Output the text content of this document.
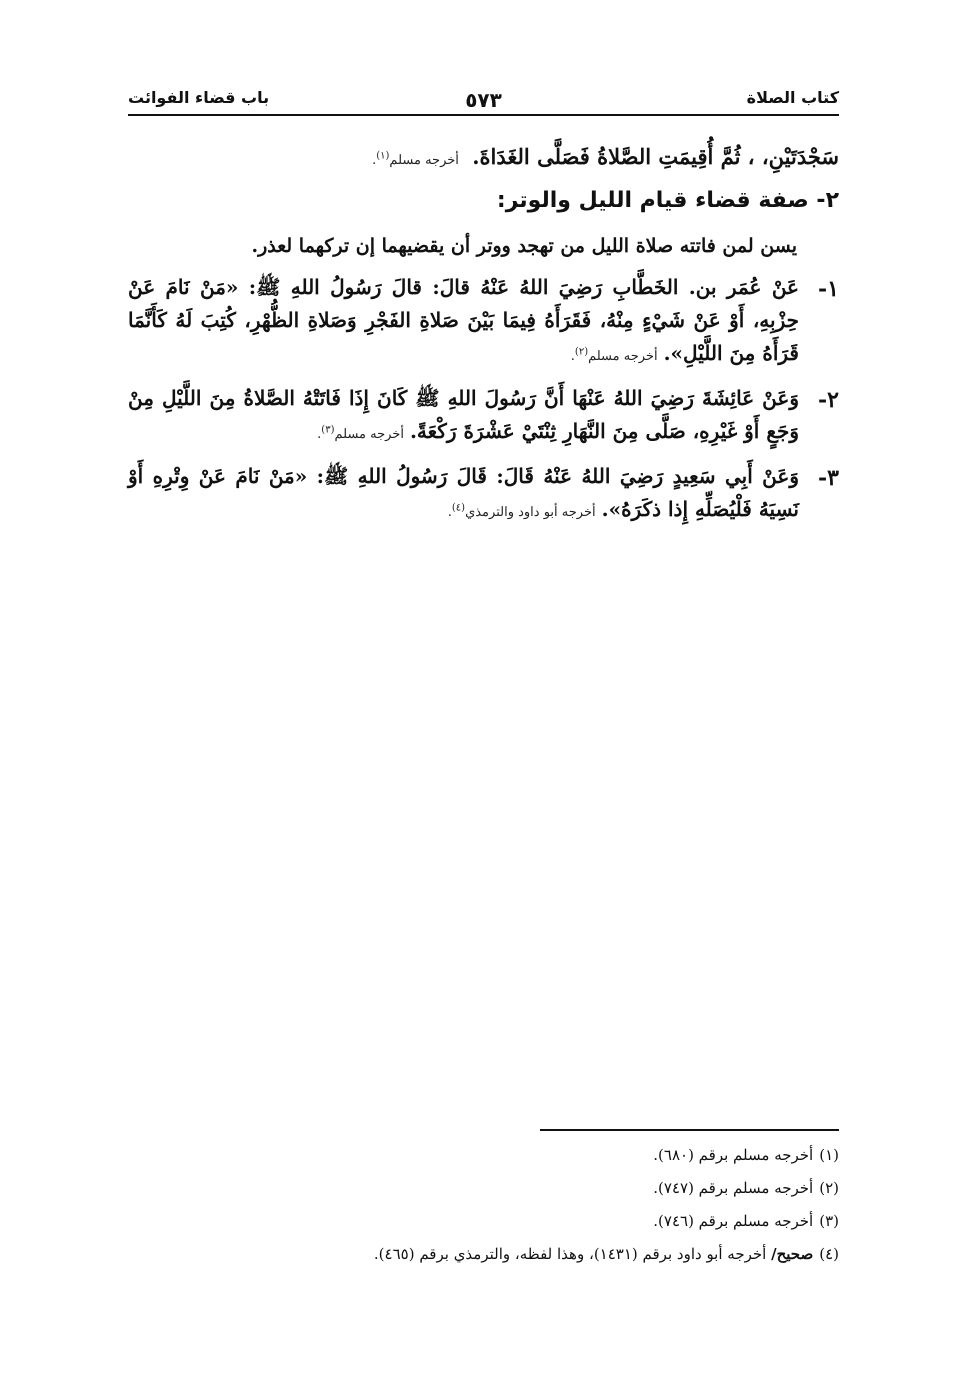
كتاب الصلاة
٥٧٣
باب قضاء الفوائت
سَجْدَتَيْنِ، ، ثُمَّ أُقِيمَتِ الصَّلاةُ فَصَلَّى الغَدَاةَ. أخرجه مسلم$^{(١)}$.
٢- صفة قضاء قيام الليل والوتر:

يسن لمن فاتته صلاة الليل من تهجد ووتر أن يقضيهما إن تركهما لعذر.

١-
عَنْ عُمَر بن. الخَطَّابِ رَضِيَ اللهُ عَنْهُ قالَ: قالَ رَسُولُ اللهِ ﷺ: «مَنْ نَامَ عَنْ حِزْبِهِ، أَوْ عَنْ شَيْءٍ مِنْهُ، فَقَرَأَهُ فِيمَا بَيْنَ صَلاةِ الفَجْرِ وَصَلاةِ الظُّهْرِ، كُتِبَ لَهُ كَأَنَّمَا قَرَأَهُ مِنَ اللَّيْلِ».أخرجه مسلم$^{(٢)}$.
٢-
وَعَنْ عَائِشَةَ رَضِيَ اللهُ عَنْهَا أَنَّ رَسُولَ اللهِ ﷺ كَانَ إِذَا فَاتَتْهُ الصَّلاةُ مِنَ اللَّيْلِ مِنْ وَجَعٍ أَوْ غَيْرِهِ، صَلَّى مِنَ النَّهَارِ ثِنْتَيْ عَشْرَةَ رَكْعَةً.أخرجه مسلم$^{(٣)}$.
٣-
وَعَنْ أَبِي سَعِيدٍ رَضِيَ اللهُ عَنْهُ قَالَ: قَالَ رَسُولُ اللهِ ﷺ: «مَنْ نَامَ عَنْ وِتْرِهِ أَوْ نَسِيَهُ فَلْيُصَلِّهِ إِذا ذكَرَهُ».أخرجه أبو داود والترمذي$^{(٤)}$.
(١)أخرجه مسلم برقم (٦٨٠).
(٢)أخرجه مسلم برقم (٧٤٧).
(٣)أخرجه مسلم برقم (٧٤٦).
(٤)صحيح/ أخرجه أبو داود برقم (١٤٣١)، وهذا لفظه، والترمذي برقم (٤٦٥).
